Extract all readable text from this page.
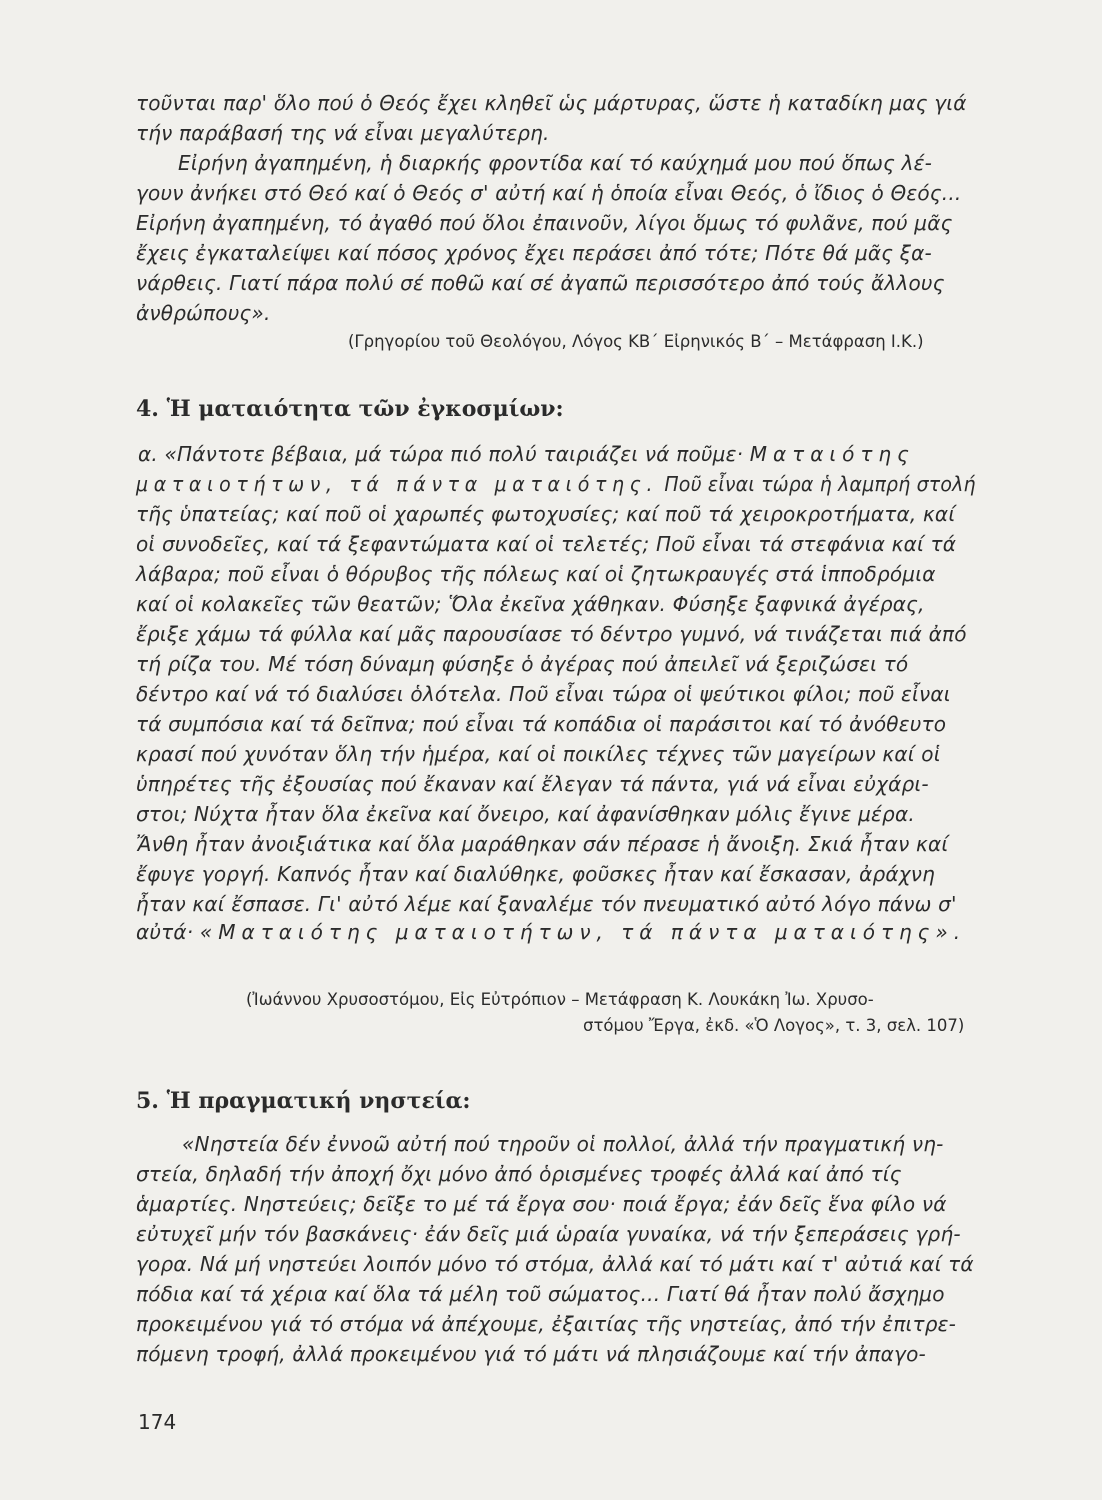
τοῦνται παρ' ὅλο πού ὁ Θεός ἔχει κληθεῖ ὡς μάρτυρας, ὥστε ἡ καταδίκη μας γιά
τήν παράβασή της νά εἶναι μεγαλύτερη.
Εἰρήνη ἀγαπημένη, ἡ διαρκής φροντίδα καί τό καύχημά μου πού ὅπως λέ-
γουν ἀνήκει στό Θεό καί ὁ Θεός σ' αὐτή καί ἡ ὁποία εἶναι Θεός, ὁ ἴδιος ὁ Θεός...
Εἰρήνη ἀγαπημένη, τό ἀγαθό πού ὅλοι ἐπαινοῦν, λίγοι ὅμως τό φυλᾶνε, πού μᾶς
ἔχεις ἐγκαταλείψει καί πόσος χρόνος ἔχει περάσει ἀπό τότε; Πότε θά μᾶς ξα-
νάρθεις. Γιατί πάρα πολύ σέ ποθῶ καί σέ ἀγαπῶ περισσότερο ἀπό τούς ἄλλους
ἀνθρώπους».
(Γρηγορίου τοῦ Θεολόγου, Λόγος ΚΒ΄ Εἰρηνικός Β΄ – Μετάφραση Ι.Κ.)
4. Ἡ ματαιότητα τῶν ἐγκοσμίων:
α. «Πάντοτε βέβαια, μά τώρα πιό πολύ ταιριάζει νά ποῦμε· Ματαιότης
ματαιοτήτων, τά πάντα ματαιότης. Ποῦ εἶναι τώρα ἡ λαμπρή στολή
τῆς ὑπατείας; καί ποῦ οἱ χαρωπές φωτοχυσίες; καί ποῦ τά χειροκροτήματα, καί
οἱ συνοδεῖες, καί τά ξεφαντώματα καί οἱ τελετές; Ποῦ εἶναι τά στεφάνια καί τά
λάβαρα; ποῦ εἶναι ὁ θόρυβος τῆς πόλεως καί οἱ ζητωκραυγές στά ἱπποδρόμια
καί οἱ κολακεῖες τῶν θεατῶν; Ὅλα ἐκεῖνα χάθηκαν. Φύσηξε ξαφνικά ἀγέρας,
ἔριξε χάμω τά φύλλα καί μᾶς παρουσίασε τό δέντρο γυμνό, νά τινάζεται πιά ἀπό
τή ρίζα του. Μέ τόση δύναμη φύσηξε ὁ ἀγέρας πού ἀπειλεῖ νά ξεριζώσει τό
δέντρο καί νά τό διαλύσει ὁλότελα. Ποῦ εἶναι τώρα οἱ ψεύτικοι φίλοι; ποῦ εἶναι
τά συμπόσια καί τά δεῖπνα; πού εἶναι τά κοπάδια οἱ παράσιτοι καί τό ἀνόθευτο
κρασί πού χυνόταν ὅλη τήν ἡμέρα, καί οἱ ποικίλες τέχνες τῶν μαγείρων καί οἱ
ὑπηρέτες τῆς ἐξουσίας πού ἔκαναν καί ἔλεγαν τά πάντα, γιά νά εἶναι εὐχάρι-
στοι; Νύχτα ἦταν ὅλα ἐκεῖνα καί ὄνειρο, καί ἀφανίσθηκαν μόλις ἔγινε μέρα.
Ἄνθη ἦταν ἀνοιξιάτικα καί ὅλα μαράθηκαν σάν πέρασε ἡ ἄνοιξη. Σκιά ἦταν καί
ἔφυγε γοργή. Καπνός ἦταν καί διαλύθηκε, φοῦσκες ἦταν καί ἔσκασαν, ἀράχνη
ἦταν καί ἔσπασε. Γι' αὐτό λέμε καί ξαναλέμε τόν πνευματικό αὐτό λόγο πάνω σ'
αὐτά· «Ματαιότης ματαιοτήτων, τά πάντα ματαιότης».
(Ἰωάννου Χρυσοστόμου, Εἰς Εὐτρόπιον – Μετάφραση Κ. Λουκάκη Ἰω. Χρυσο-
στόμου Ἔργα, ἐκδ. «Ὁ Λογος», τ. 3, σελ. 107)
5. Ἡ πραγματική νηστεία:
«Νηστεία δέν ἐννοῶ αὐτή πού τηροῦν οἱ πολλοί, ἀλλά τήν πραγματική νη-
στεία, δηλαδή τήν ἀποχή ὄχι μόνο ἀπό ὁρισμένες τροφές ἀλλά καί ἀπό τίς
ἁμαρτίες. Νηστεύεις; δεῖξε το μέ τά ἔργα σου· ποιά ἔργα; ἐάν δεῖς ἕνα φίλο νά
εὐτυχεῖ μήν τόν βασκάνεις· ἐάν δεῖς μιά ὡραία γυναίκα, νά τήν ξεπεράσεις γρή-
γορα. Νά μή νηστεύει λοιπόν μόνο τό στόμα, ἀλλά καί τό μάτι καί τ' αὐτιά καί τά
πόδια καί τά χέρια καί ὅλα τά μέλη τοῦ σώματος... Γιατί θά ἦταν πολύ ἄσχημο
προκειμένου γιά τό στόμα νά ἀπέχουμε, ἐξαιτίας τῆς νηστείας, ἀπό τήν ἐπιτρε-
πόμενη τροφή, ἀλλά προκειμένου γιά τό μάτι νά πλησιάζουμε καί τήν ἀπαγο-
174
